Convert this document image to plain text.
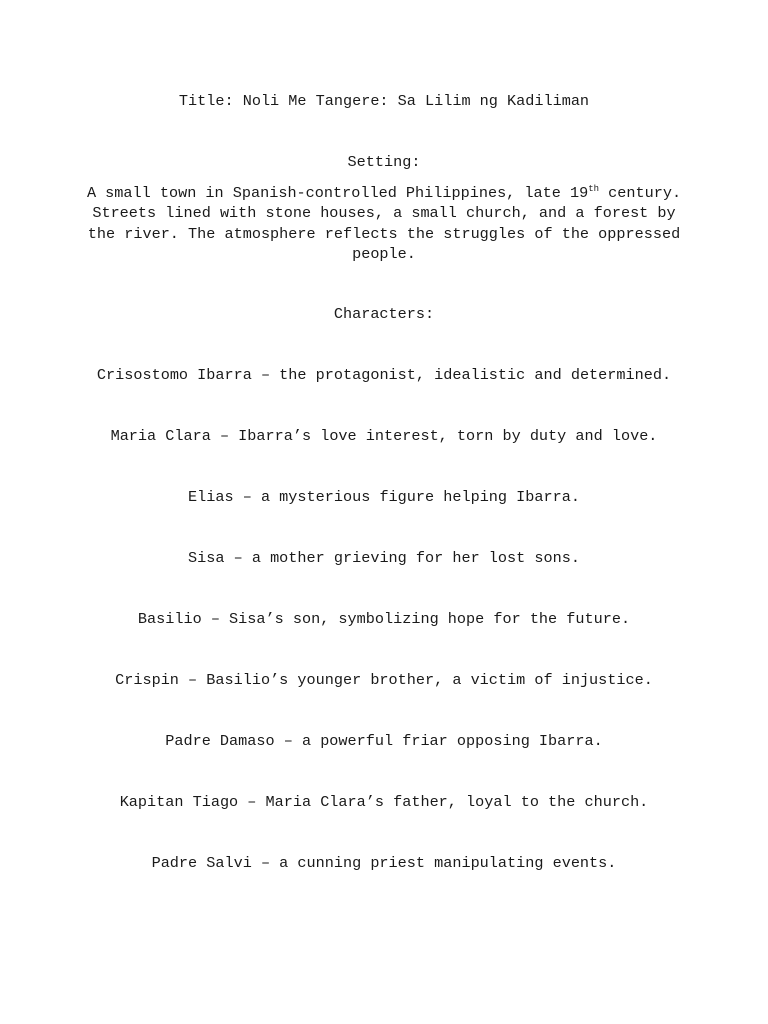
Title: Noli Me Tangere: Sa Lilim ng Kadiliman
Setting:
A small town in Spanish-controlled Philippines, late 19th century. Streets lined with stone houses, a small church, and a forest by the river. The atmosphere reflects the struggles of the oppressed people.
Characters:
Crisostomo Ibarra – the protagonist, idealistic and determined.
Maria Clara – Ibarra’s love interest, torn by duty and love.
Elias – a mysterious figure helping Ibarra.
Sisa – a mother grieving for her lost sons.
Basilio – Sisa’s son, symbolizing hope for the future.
Crispin – Basilio’s younger brother, a victim of injustice.
Padre Damaso – a powerful friar opposing Ibarra.
Kapitan Tiago – Maria Clara’s father, loyal to the church.
Padre Salvi – a cunning priest manipulating events.
